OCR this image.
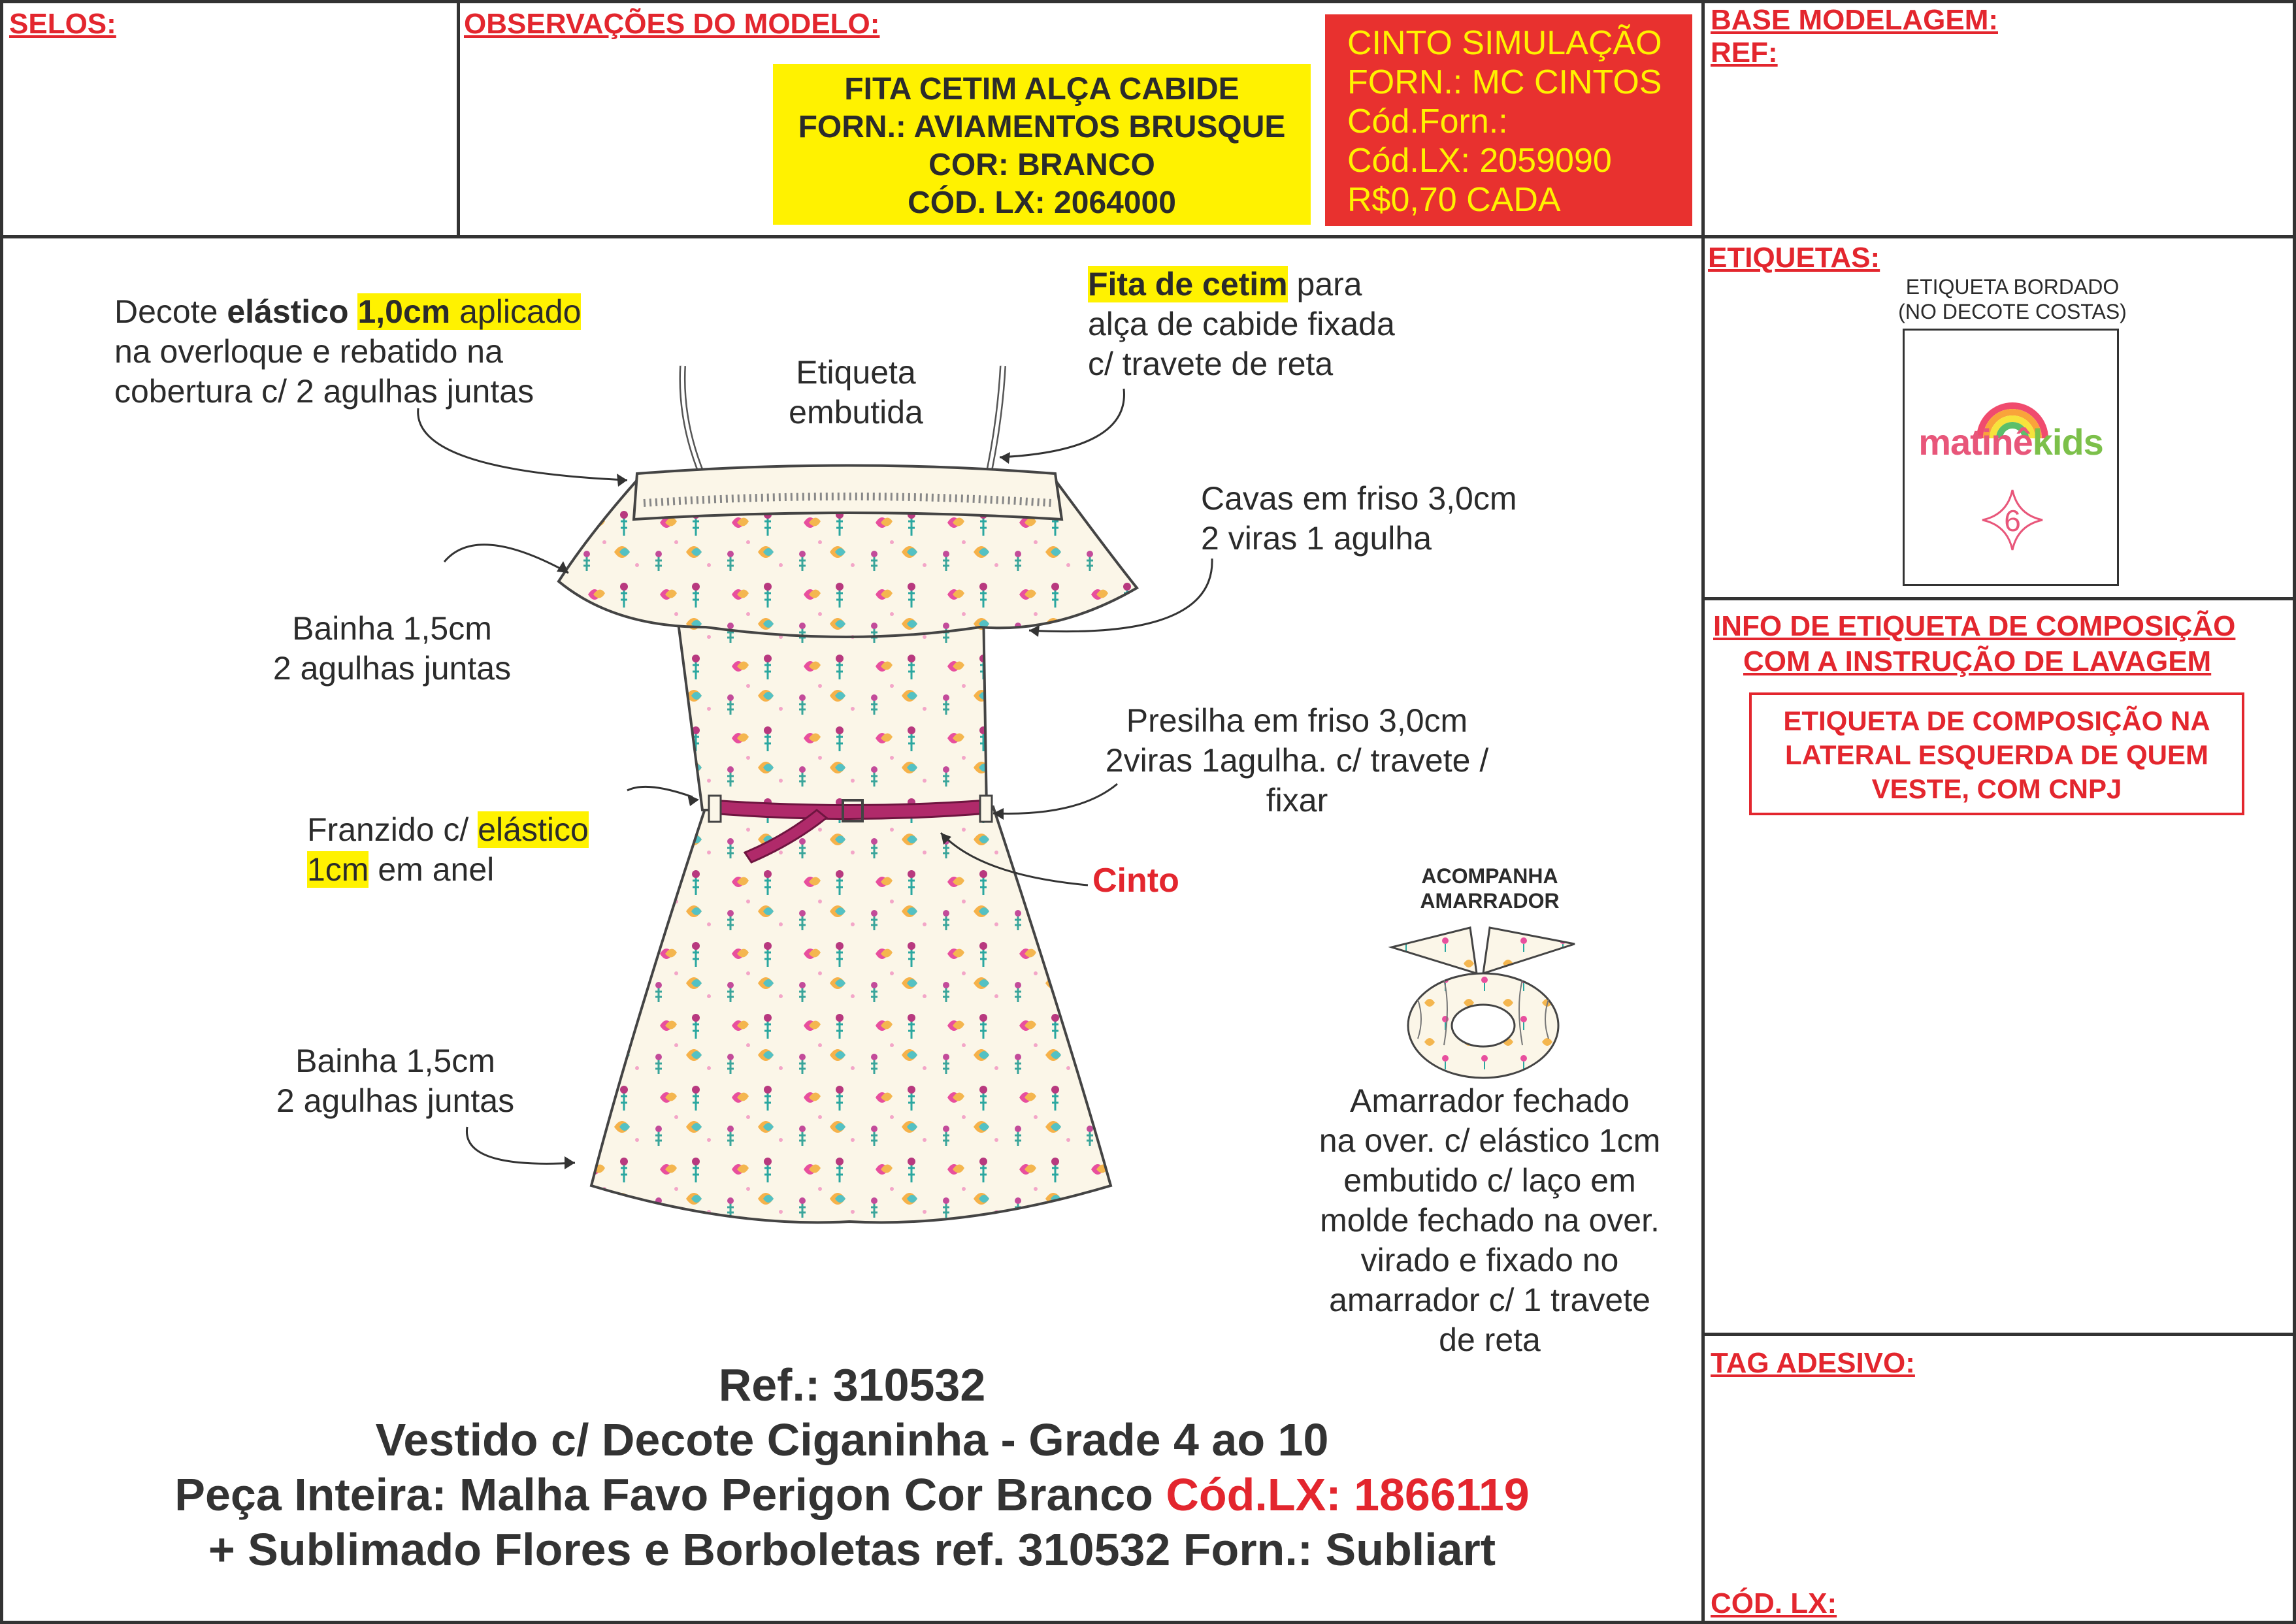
SELOS:	OBSERVAÇÕES DO MODELO:	BASE MODELAGEM:
REF:
ETIQUETAS:
INFO DE ETIQUETA DE COMPOSIÇÃO
COM A INSTRUÇÃO DE LAVAGEM
TAG ADESIVO:
CÓD. LX:
FITA CETIM ALÇA CABIDE
FORN.: AVIAMENTOS BRUSQUE
COR: BRANCO
CÓD. LX: 2064000
CINTO SIMULAÇÃO
FORN.: MC CINTOS
Cód.Forn.:
Cód.LX: 2059090
R$0,70 CADA
ETIQUETA BORDADO
(NO DECOTE COSTAS)
matinêkids
6
ETIQUETA DE COMPOSIÇÃO NA
LATERAL ESQUERDA DE QUEM
VESTE, COM CNPJ
Decote elástico 1,0cm aplicado
na overloque e rebatido na
cobertura c/ 2 agulhas juntas
Etiqueta
embutida
Fita de cetim para
alça de cabide fixada
c/ travete de reta
Cavas em friso 3,0cm
2 viras 1 agulha
Bainha 1,5cm
2 agulhas juntas
Presilha em friso 3,0cm
2viras 1agulha. c/ travete /
fixar
Franzido c/ elástico
1cm em anel	Cinto
Bainha 1,5cm
2 agulhas juntas
ACOMPANHA
AMARRADOR
Amarrador fechado
na over. c/ elástico 1cm
embutido c/ laço em
molde fechado na over.
virado e fixado no
amarrador c/ 1 travete
de reta
Ref.: 310532
Vestido c/ Decote Ciganinha - Grade 4 ao 10
Peça Inteira: Malha Favo Perigon Cor Branco Cód.LX: 1866119
+ Sublimado Flores e Borboletas ref. 310532 Forn.: Subliart
